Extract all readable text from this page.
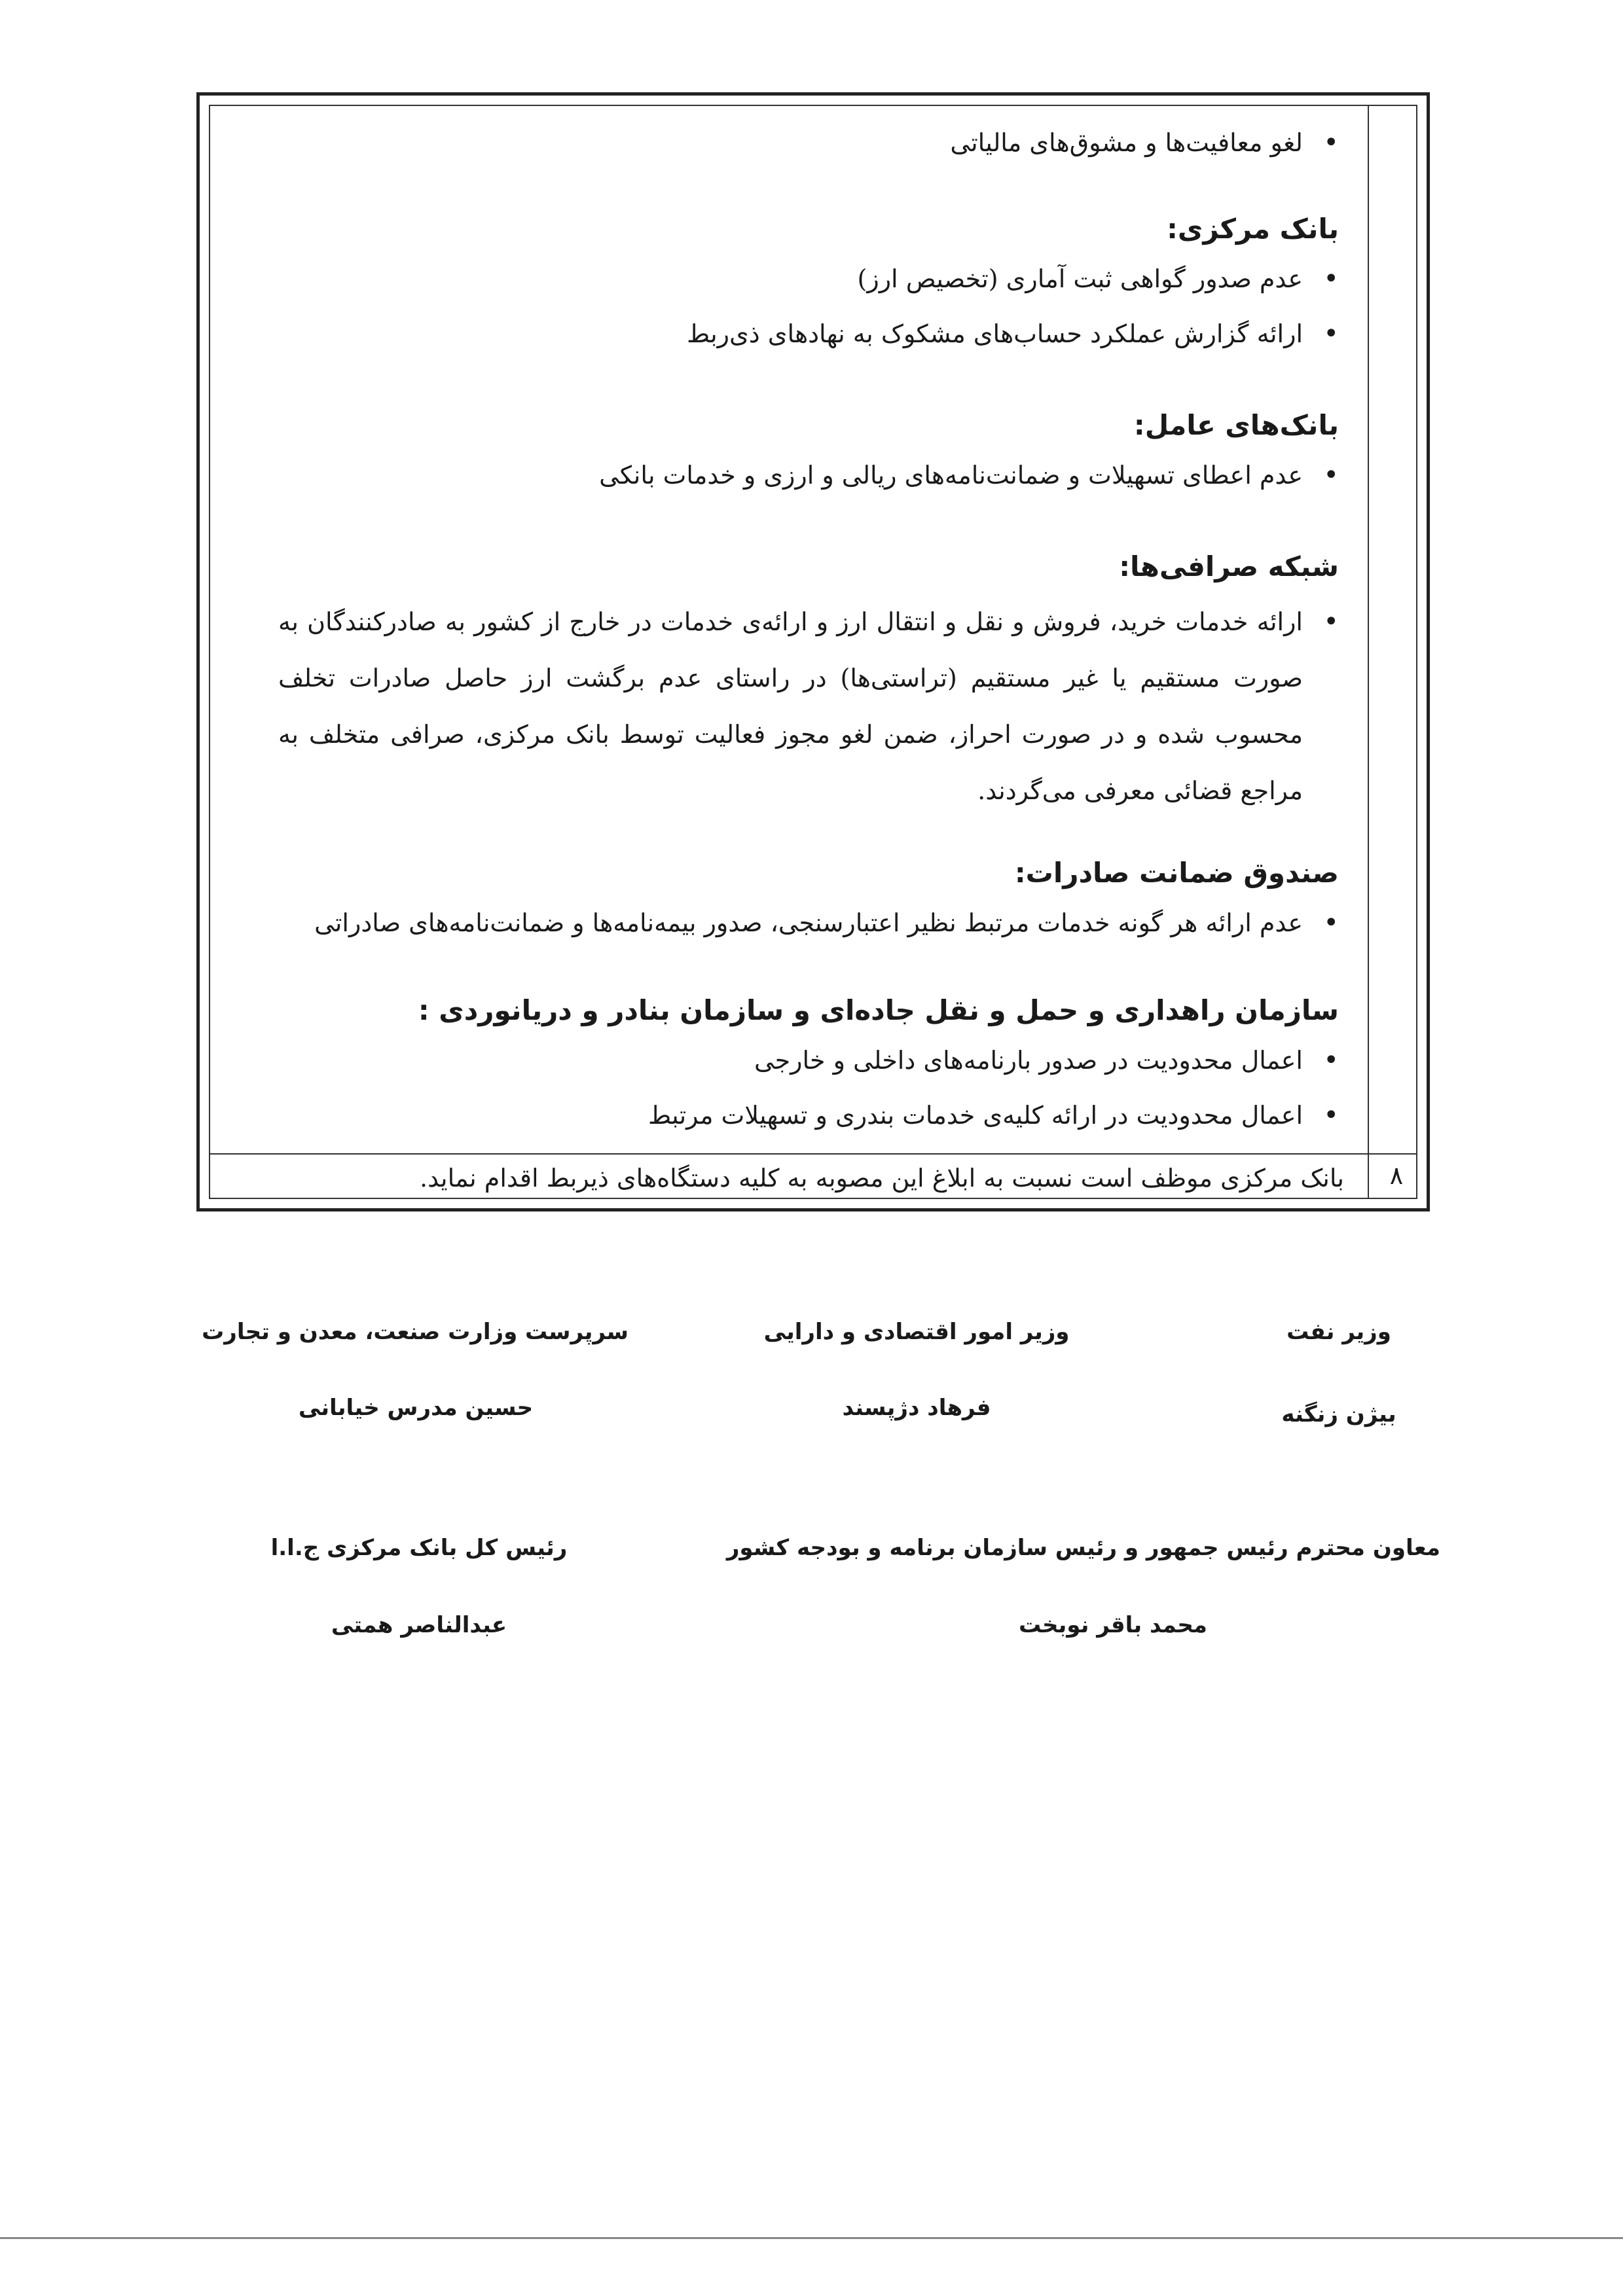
• لغو معافیت‌ها و مشوق‌های مالیاتی
بانک مرکزی:
• عدم صدور گواهی ثبت آماری (تخصیص ارز)
• ارائه گزارش عملکرد حساب‌های مشکوک به نهادهای ذی‌ربط
بانک‌های عامل:
• عدم اعطای تسهیلات و ضمانت‌نامه‌های ریالی و ارزی و خدمات بانکی
شبکه صرافی‌ها:
• ارائه خدمات خرید، فروش و نقل و انتقال ارز و ارائه‌ی خدمات در خارج از کشور به صادرکنندگان به صورت مستقیم یا غیر مستقیم (تراستی‌ها) در راستای عدم برگشت ارز حاصل صادرات تخلف محسوب شده و در صورت احراز، ضمن لغو مجوز فعالیت توسط بانک مرکزی، صرافی متخلف به مراجع قضائی معرفی می‌گردند.
صندوق ضمانت صادرات:
• عدم ارائه هر گونه خدمات مرتبط نظیر اعتبارسنجی، صدور بیمه‌نامه‌ها و ضمانت‌نامه‌های صادراتی
سازمان راهداری و حمل و نقل جاده‌ای و سازمان بنادر و دریانوردی :
• اعمال محدودیت در صدور بارنامه‌های داخلی و خارجی
• اعمال محدودیت در ارائه کلیه‌ی خدمات بندری و تسهیلات مرتبط
۸
بانک مرکزی موظف است نسبت به ابلاغ این مصوبه به کلیه دستگاه‌های ذیربط اقدام نماید.
وزیر نفت
بیژن زنگنه
وزیر امور اقتصادی و دارایی
فرهاد دژپسند
سرپرست وزارت صنعت، معدن و تجارت
حسین مدرس خیابانی
معاون محترم رئیس جمهور و رئیس سازمان برنامه و بودجه کشور
محمد باقر نوبخت
رئیس کل بانک مرکزی ج.ا.ا
عبدالناصر همتی
